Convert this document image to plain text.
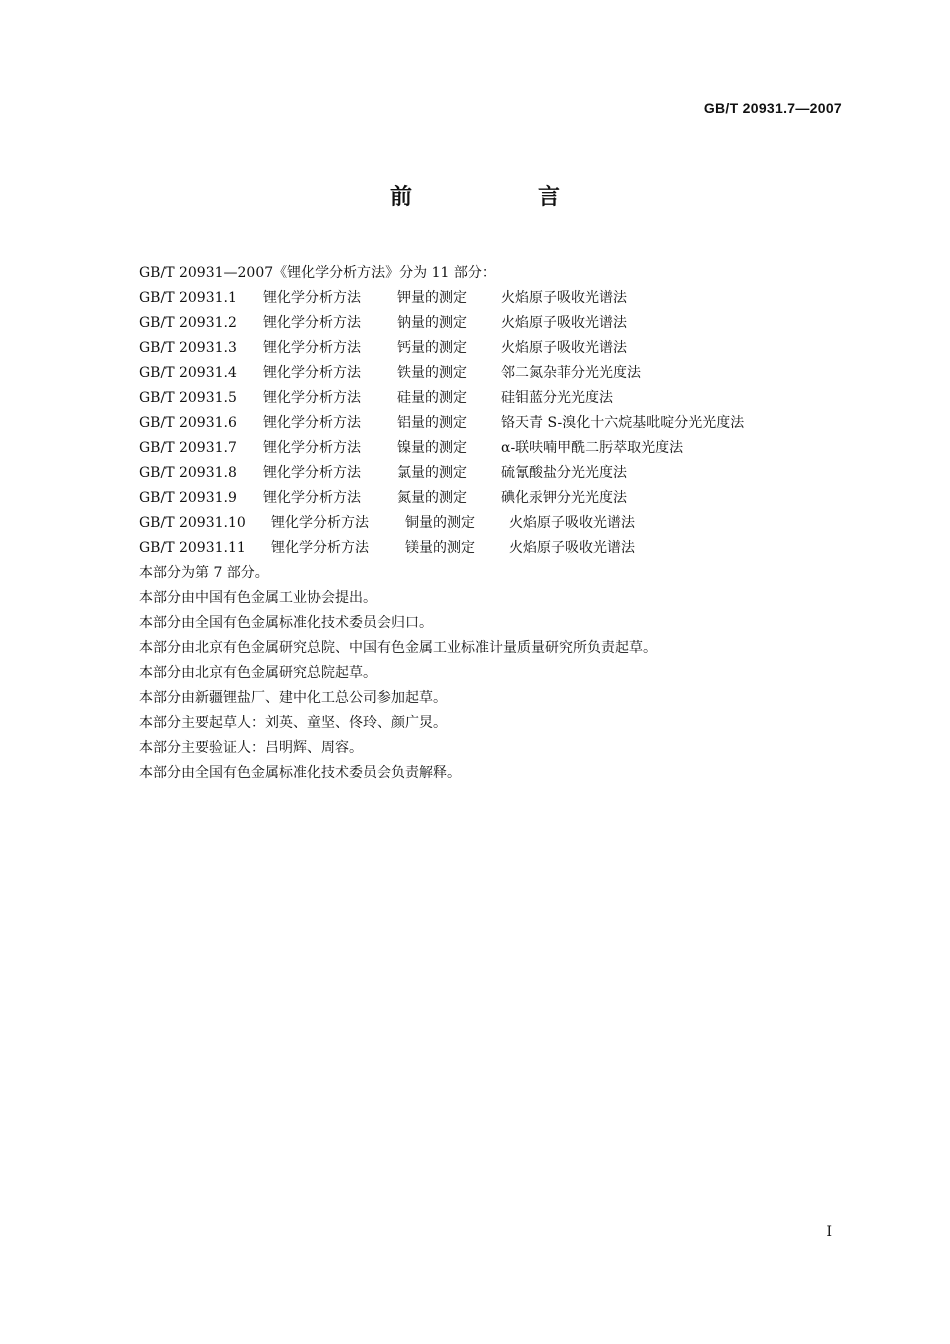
GB/T 20931.7—2007
前　言
GB/T 20931—2007《锂化学分析方法》分为 11 部分：
GB/T 20931.1 锂化学分析方法	钾量的测定 火焰原子吸收光谱法
GB/T 20931.2 锂化学分析方法	钠量的测定 火焰原子吸收光谱法
GB/T 20931.3 锂化学分析方法	钙量的测定 火焰原子吸收光谱法
GB/T 20931.4 锂化学分析方法	铁量的测定 邻二氮杂菲分光光度法
GB/T 20931.5 锂化学分析方法	硅量的测定 硅钼蓝分光光度法
GB/T 20931.6 锂化学分析方法	铝量的测定 铬天青 S-溴化十六烷基吡啶分光光度法
GB/T 20931.7 锂化学分析方法	镍量的测定 α-联呋喃甲酰二肟萃取光度法
GB/T 20931.8 锂化学分析方法	氯量的测定 硫氰酸盐分光光度法
GB/T 20931.9 锂化学分析方法	氮量的测定 碘化汞钾分光光度法
GB/T 20931.10 锂化学分析方法	铜量的测定 火焰原子吸收光谱法
GB/T 20931.11 锂化学分析方法	镁量的测定 火焰原子吸收光谱法
本部分为第 7 部分。
本部分由中国有色金属工业协会提出。
本部分由全国有色金属标准化技术委员会归口。
本部分由北京有色金属研究总院、中国有色金属工业标准计量质量研究所负责起草。
本部分由北京有色金属研究总院起草。
本部分由新疆锂盐厂、建中化工总公司参加起草。
本部分主要起草人：刘英、童坚、佟玲、颜广炅。
本部分主要验证人：吕明辉、周容。
本部分由全国有色金属标准化技术委员会负责解释。
I
